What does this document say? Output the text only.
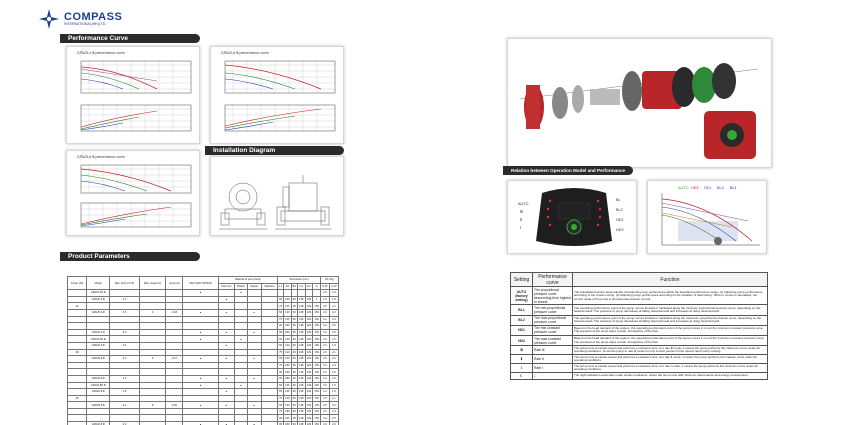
COMPASS
INTERNATIONAL(HK)LTD.
Performance Curve
GPA25-4 Ⅲ performance curve	GPA32-6 Ⅲ performance curve
Installation Diagram
GPA25-6 Ⅲ performance curve
Product Parameters
Power (W)	Model	Max. Flow (m³/h)	Max. Head (m)	Amps (A)	V/HZ 230V 50/60Hz	Material of pump body				Dimension (mm)						Wt (Kg)	
						Cast iron	Plastic	Copper	Stainless	L1	B1	B2	H1	H2	G	N.W	G.W
	GPA20-4P Ⅲ				●		●									2.6	1.5
	GPA20-4 Ⅲ	2.3				●				65	130	69	138	129	1	2.4	1.8
22										75	130	69	138	129	153	2.6	2.1
	GPA25-4 Ⅲ	2.5	4	0.18	●	●		●		65	130	69	138	129	153	2.9	2.2
										75	130	69	138	129	153	3.1	2.4
										90	180	69	138	129	153	3.2	2.5
	GPA32-4 Ⅲ	3.0			●	●		●		95	180	69	138	129	153	3.4	2.6
	GPA20-6P Ⅲ				●		●			65	130	69	138	129	153	2.6	1.5
	GPA20-6 Ⅲ	2.5				●				65	130	69	138	129	153	2.4	1.8
38										75	130	69	138	129	153	2.6	2.1
	GPA25-6 Ⅲ	3.0	6	0.27	●	●		●		65	130	69	138	129	153	2.9	2.2
										75	180	69	138	129	153	3.1	2.4
										90	180	69	138	129	153	3.2	2.5
	GPA32-6 Ⅲ	3.5			●	●		●		95	180	69	138	129	153	3.4	2.6
	GPA20-8P Ⅲ				●		●			65	130	69	138	129	153	2.6	1.5
	GPA20-8 Ⅲ	2.8				●				65	130	69	138	129	153	2.4	1.8
45										75	130	69	138	129	153	2.6	2.1
	GPA25-8 Ⅲ	3.2	8	0.35	●	●		●		65	130	69	138	129	153	2.9	2.2
										75	180	69	138	129	153	3.1	2.4
										90	180	69	138	129	153	3.2	2.5
	GPA32-8 Ⅲ	4.0			●	●		●		95	180	69	138	129	153	3.4	2.6
Relation between Operation Model and Performance
AUTO
Ⅲ
Ⅱ
Ⅰ
BL
BL2
HD1
HD2
AUTO HD2 HD1 BL2 BL1
Setting	Performance curve	Function
AUTO (factory setting)	The proportional pressure curve descending from highest to lowest	The Autoadapt function automatically controls the pump performance within the specified performance range. (1) Adjusting pump performance according to the system sizing. (2) Adjusting pump performance according to the variation of load history. When it comes to autoadapt, the control mode of the pump is proportional pressure control.
BL1	The min.proportional pressure curve	The operating performance point of the pump moves forward or backward along the minimum proportional pressure curve, depending on the head demand. The pressure of pump decreases at falling head demand and increases at rising head demand.
BL2	The max.proportional pressure curve	The operating performance point of the pump moves forward or backward along the maximum proportional pressure curve, depending on the head demand. The pressure of pump decreases at falling head demand and increases at rising head demand.
HD1	The min.constant pressure curve	Based on the head demand of the system, the operating performance point of the pump moves in or out the minimum constant pressure curve. The pressure of the pump stays remain, irrespective of the flow.
HD2	The max.constant pressure curve	Based on the head demand of the system, the operating performance point of the pump moves in or out the maximum constant pressure curve. The pressure of the pump stays remain, irrespective of the flow.
Ⅲ	Rate Ⅲ	The pump runs at certain speed and performs a constant curve. For rate Ⅲ mode, it means the pump performs the maximum curve under all operating conditions. To set the pump to rate Ⅲ mode for only a short period of time means rapid pump venting.
Ⅱ	Rate Ⅱ	The pump runs at certain speed and performs a constant curve. For rate Ⅱ mode, it means the pump performs the medium curve under all operating conditions.
Ⅰ	Rate Ⅰ	The pump runs at certain speed and performs a constant curve. For rate Ⅰ mode, it means the pump performs the minimum curve under all operating conditions.
☾	☾	The night setback is automatic under certain conditions, where the pump runs with minimum performance and energy consumption.
